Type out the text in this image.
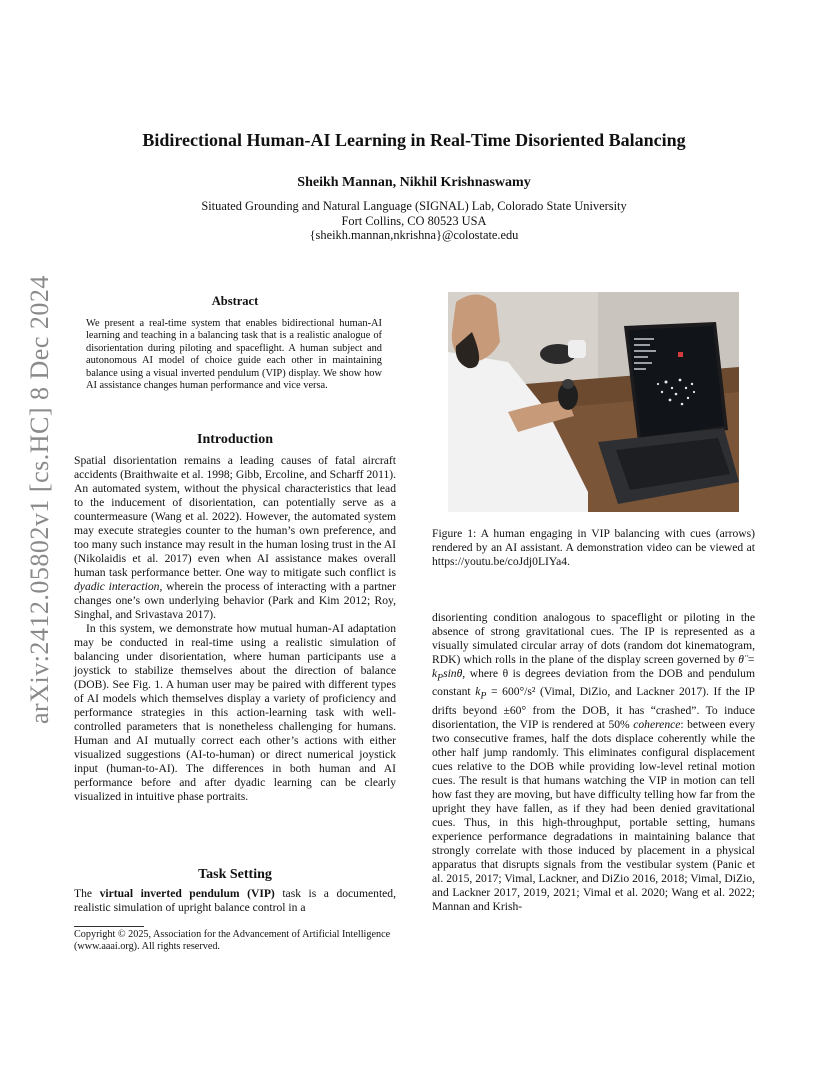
arXiv:2412.05802v1 [cs.HC] 8 Dec 2024
Bidirectional Human-AI Learning in Real-Time Disoriented Balancing
Sheikh Mannan, Nikhil Krishnaswamy
Situated Grounding and Natural Language (SIGNAL) Lab, Colorado State University
Fort Collins, CO 80523 USA
{sheikh.mannan,nkrishna}@colostate.edu
Abstract
We present a real-time system that enables bidirectional human-AI learning and teaching in a balancing task that is a realistic analogue of disorientation during piloting and spaceflight. A human subject and autonomous AI model of choice guide each other in maintaining balance using a visual inverted pendulum (VIP) display. We show how AI assistance changes human performance and vice versa.
Introduction

Spatial disorientation remains a leading causes of fatal aircraft accidents (Braithwaite et al. 1998; Gibb, Ercoline, and Scharff 2011). An automated system, without the physical characteristics that lead to the inducement of disorientation, can potentially serve as a countermeasure (Wang et al. 2022). However, the automated system may execute strategies counter to the human’s own preference, and too many such instance may result in the human losing trust in the AI (Nikolaidis et al. 2017) even when AI assistance makes overall human task performance better. One way to mitigate such conflict is dyadic interaction, wherein the process of interacting with a partner changes one’s own underlying behavior (Park and Kim 2012; Roy, Singhal, and Srivastava 2017).

In this system, we demonstrate how mutual human-AI adaptation may be conducted in real-time using a realistic simulation of balancing under disorientation, where human participants use a joystick to stabilize themselves about the direction of balance (DOB). See Fig. 1. A human user may be paired with different types of AI models which themselves display a variety of proficiency and performance strategies in this action-learning task with well-controlled parameters that is nonetheless challenging for humans. Human and AI mutually correct each other’s actions with either visualized suggestions (AI-to-human) or direct numerical joystick input (human-to-AI). The differences in both human and AI performance before and after dyadic learning can be clearly visualized in intuitive phase portraits.

Task Setting

The virtual inverted pendulum (VIP) task is a documented, realistic simulation of upright balance control in a

Copyright © 2025, Association for the Advancement of Artificial Intelligence (www.aaai.org). All rights reserved.
Figure 1: A human engaging in VIP balancing with cues (arrows) rendered by an AI assistant. A demonstration video can be viewed at https://youtu.be/coJdj0LIYa4.

disorienting condition analogous to spaceflight or piloting in the absence of strong gravitational cues. The IP is represented as a visually simulated circular array of dots (random dot kinematogram, RDK) which rolls in the plane of the display screen governed by θ̈ = $k_P\sin\theta$, where θ is degrees deviation from the DOB and pendulum constant $k_P = 600^\circ/s^2$ (Vimal, DiZio, and Lackner 2017). If the IP drifts beyond ±60° from the DOB, it has “crashed”. To induce disorientation, the VIP is rendered at 50% coherence: between every two consecutive frames, half the dots displace coherently while the other half jump randomly. This eliminates configural displacement cues relative to the DOB while providing low-level retinal motion cues. The result is that humans watching the VIP in motion can tell how fast they are moving, but have difficulty telling how far from the upright they have fallen, as if they had been denied gravitational cues. Thus, in this high-throughput, portable setting, humans experience performance degradations in maintaining balance that strongly correlate with those induced by placement in a physical apparatus that disrupts signals from the vestibular system (Panic et al. 2015, 2017; Vimal, Lackner, and DiZio 2016, 2018; Vimal, DiZio, and Lackner 2017, 2019, 2021; Vimal et al. 2020; Wang et al. 2022; Mannan and Krish-
